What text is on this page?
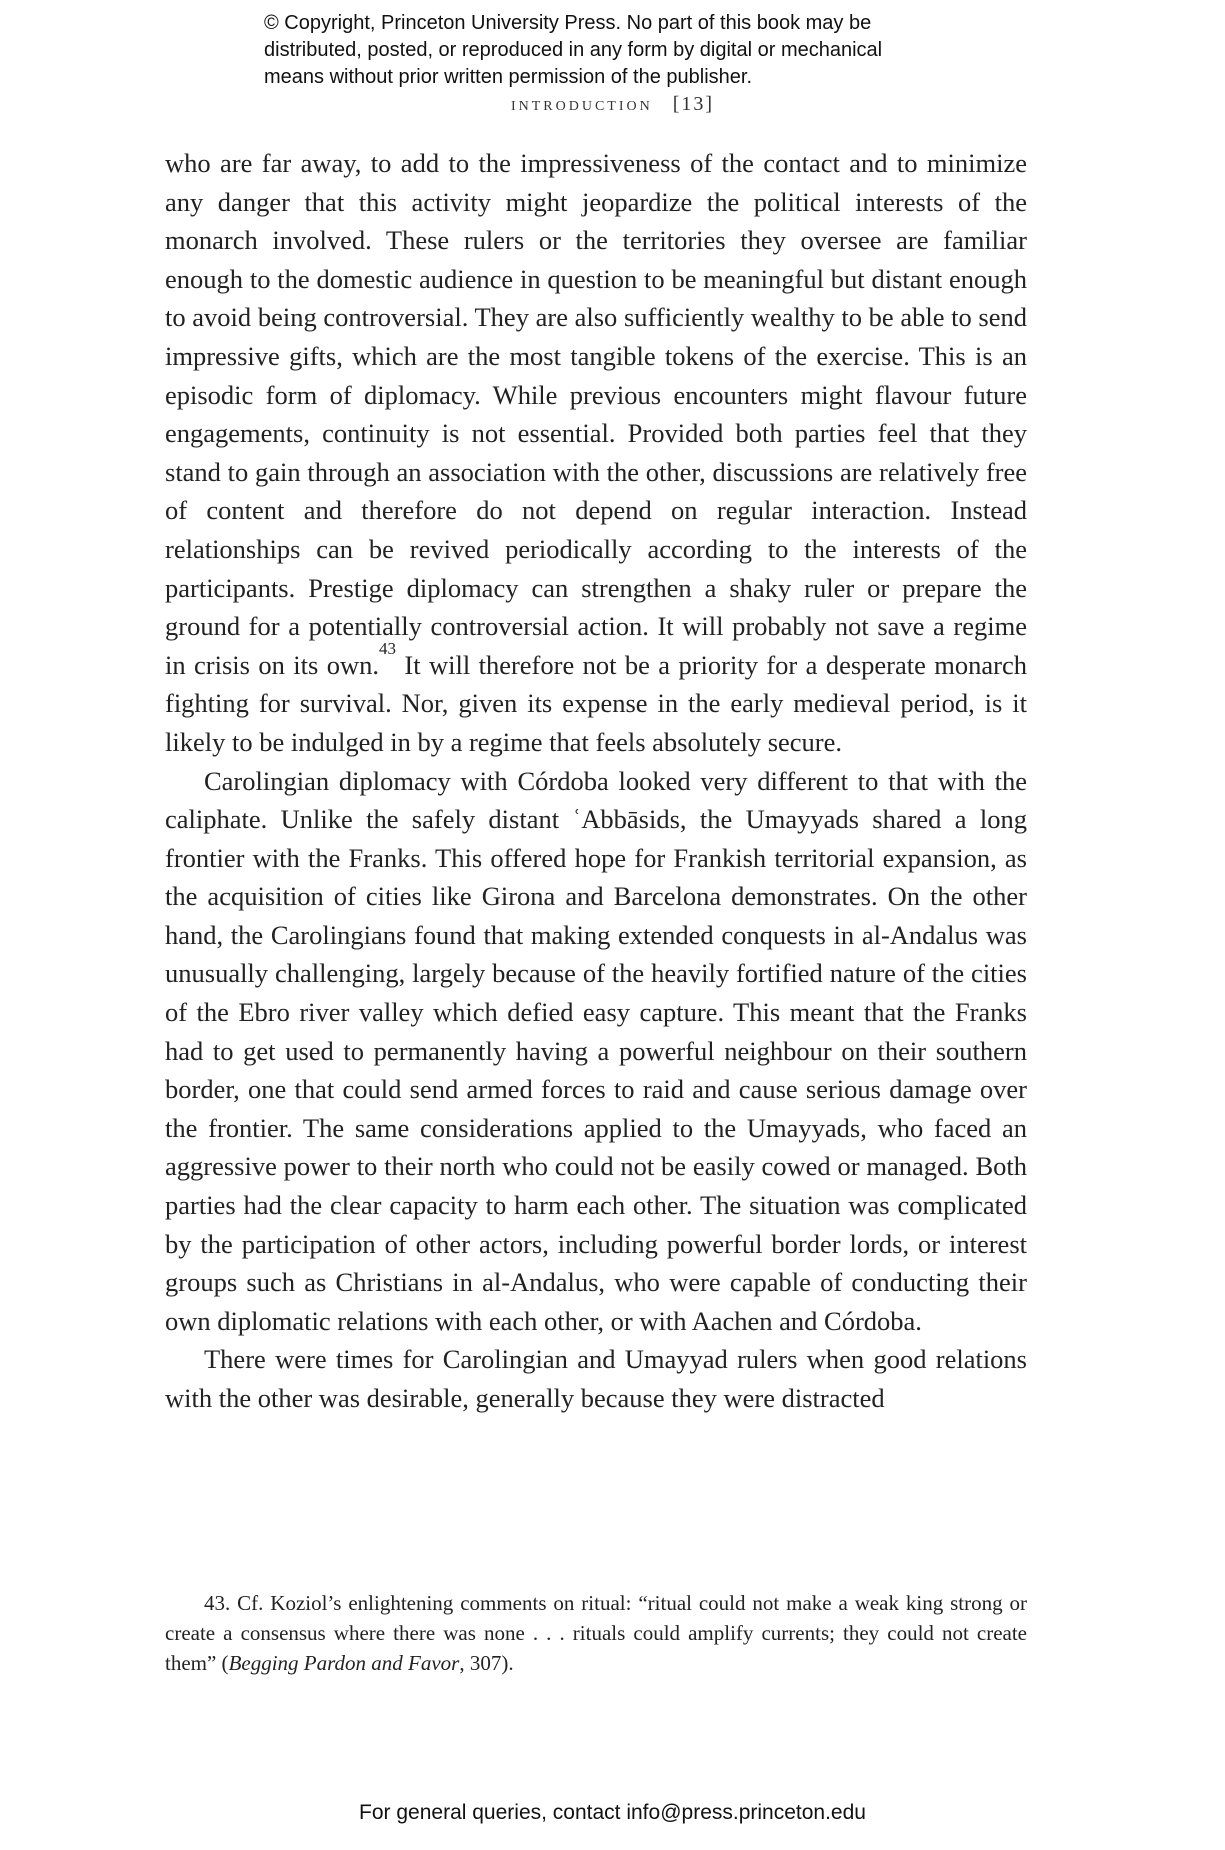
© Copyright, Princeton University Press. No part of this book may be
distributed, posted, or reproduced in any form by digital or mechanical
means without prior written permission of the publisher.
introduction [13]

who are far away, to add to the impressiveness of the contact and to minimize any danger that this activity might jeopardize the political interests of the monarch involved. These rulers or the territories they oversee are familiar enough to the domestic audience in question to be meaningful but distant enough to avoid being controversial. They are also sufficiently wealthy to be able to send impressive gifts, which are the most tangible tokens of the exercise. This is an episodic form of diplomacy. While previous encounters might flavour future engagements, continuity is not essential. Provided both parties feel that they stand to gain through an association with the other, discussions are relatively free of content and therefore do not depend on regular interaction. Instead relationships can be revived periodically according to the interests of the participants. Prestige diplomacy can strengthen a shaky ruler or prepare the ground for a potentially controversial action. It will probably not save a regime in crisis on its own.$^{43}$ It will therefore not be a priority for a desperate monarch fighting for survival. Nor, given its expense in the early medieval period, is it likely to be indulged in by a regime that feels absolutely secure.

Carolingian diplomacy with Córdoba looked very different to that with the caliphate. Unlike the safely distant ʿAbbāsids, the Umayyads shared a long frontier with the Franks. This offered hope for Frankish territorial expansion, as the acquisition of cities like Girona and Barcelona demonstrates. On the other hand, the Carolingians found that making extended conquests in al-Andalus was unusually challenging, largely because of the heavily fortified nature of the cities of the Ebro river valley which defied easy capture. This meant that the Franks had to get used to permanently having a powerful neighbour on their southern border, one that could send armed forces to raid and cause serious damage over the frontier. The same considerations applied to the Umayyads, who faced an aggressive power to their north who could not be easily cowed or managed. Both parties had the clear capacity to harm each other. The situation was complicated by the participation of other actors, including powerful border lords, or interest groups such as Christians in al-Andalus, who were capable of conducting their own diplomatic relations with each other, or with Aachen and Córdoba.

There were times for Carolingian and Umayyad rulers when good relations with the other was desirable, generally because they were distracted

43. Cf. Koziol’s enlightening comments on ritual: “ritual could not make a weak king strong or create a consensus where there was none . . . rituals could amplify currents; they could not create them” (Begging Pardon and Favor, 307).

For general queries, contact info@press.princeton.edu
